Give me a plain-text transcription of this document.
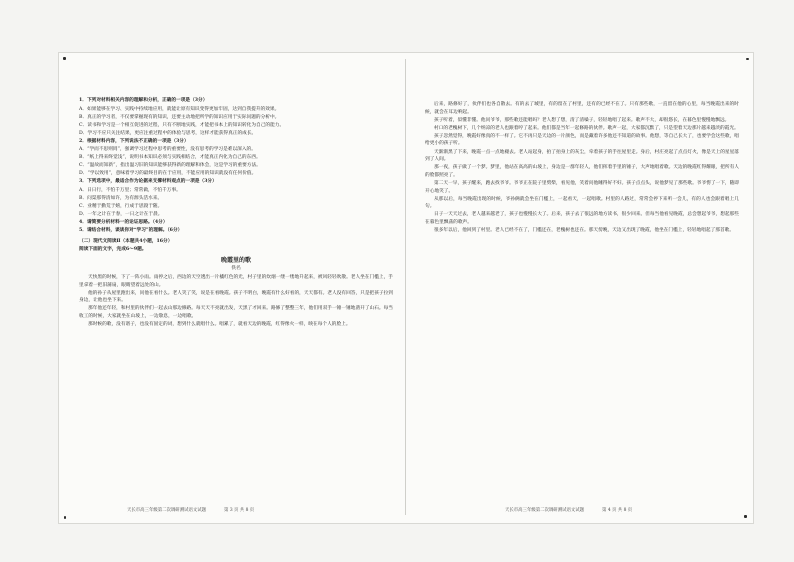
1．下列对材料相关内容的理解和分析，正确的一项是（3分）
A．如果能够在学习、实践中持续地应用，就能让原有知识变得更加牢固，达到自我提升的效果。
B．真正的学习者，不仅要掌握现有的知识，还要主动地把所学的知识应用于实际问题的分析中。
C．读书和学习是一个相互促进的过程，只有不断地实践，才能把书本上的知识转化为自己的能力。
D．学习不应只关注结果，更应注重过程中的体验与思考，这样才能获得真正的成长。
2．根据材料内容，下列说法不正确的一项是（3分）
A．“学而不思则罔”，强调学习过程中思考的重要性，没有思考的学习是难以深入的。
B．“纸上得来终觉浅”，说明书本知识必须与实践相结合，才能真正内化为自己的东西。
C．“温故而知新”，指出温习旧的知识能够获得新的理解和体会，这是学习的重要方法。
D．“学以致用”，意味着学习的最终目的在于应用，不能应用的知识就没有任何价值。
3．下列选项中，最适合作为论据来支撑材料观点的一项是（3分）
A．日日行，不怕千万里；常常做，不怕千万事。
B．问渠那得清如许，为有源头活水来。
C．业精于勤荒于嬉，行成于思毁于随。
D．一年之计在于春，一日之计在于晨。
4．请简要分析材料一的论证思路。（4分）
5．请结合材料，谈谈你对“学习”的理解。（6分）
（二）现代文阅读Ⅱ（本题共4小题，16分）
阅读下面的文字，完成6～9题。
晚霞里的歌
佚名
天快黑的时候，下了一阵小雨。雨停之后，西边的天空透出一片橘红色的光，村子里的炊烟一缕一缕地升起来，被风轻轻吹散。老人坐在门槛上，手里拿着一把旧蒲扇，眼睛望着远处的山。
他的孙子从屋里跑出来，问他在看什么。老人笑了笑，说是在看晚霞。孩子不明白，晚霞有什么好看的，天天都有。老人没有回答，只是把孩子拉到身边，让他也坐下来。
那年他还年轻，和村里的伙伴们一起去山那边修路。每天天不亮就出发，天黑了才回来。路修了整整三年，他们用双手一锤一锤地凿开了山石。每当收工的时候，大家就坐在山坡上，一边歇息，一边唱歌。
那时候的歌，没有谱子，也没有固定的词，想到什么就唱什么。唱累了，就看天边的晚霞，红得像火一样，映在每个人的脸上。
天长市高三年级第二次调研测试语文试题	第 3 页 共 8 页
后来，路修好了，伙伴们也各自散去。有的去了城里，有的留在了村里，还有的已经不在了。只有那些歌，一直留在他的心里，每当晚霞出来的时候，就会在耳边响起。
孩子听着，似懂非懂。他问爷爷，那些歌还能唱吗？老人想了想，清了清嗓子，轻轻地唱了起来。歌声不大，却很悠长，在暮色里慢慢地飘远。
村口的老槐树下，几个纳凉的老人也跟着哼了起来。他们都是当年一起修路的伙伴。歌声一起，大家都沉默了，只是望着天边那片越来越淡的霞光。
孩子忽然觉得，晚霞好像真的不一样了。它不再只是天边的一片颜色，而是藏着许多他还不知道的故事。他想，等自己长大了，也要学会这些歌，唱给更小的孩子听。
天渐渐黑了下来，晚霞一点一点地褪去。老人站起身，拍了拍身上的灰尘，牵着孩子的手往屋里走。身后，村庄亮起了点点灯火，像是天上的星星落到了人间。
那一夜，孩子做了一个梦。梦里，他站在高高的山坡上，身边是一群年轻人，他们挥着手里的锤子，大声地唱着歌。天边的晚霞红得耀眼，把所有人的脸都照亮了。
第二天一早，孩子醒来，跑去找爷爷。爷爷正在院子里劈柴，看见他，笑着问他睡得好不好。孩子点点头，说他梦见了那些歌。爷爷愣了一下，随即开心地笑了。
从那以后，每当晚霞出现的时候，爷孙俩就会坐在门槛上，一起看天，一起唱歌。村里的人路过，常常会停下来听一会儿，有的人也会跟着唱上几句。
日子一天天过去，老人越来越老了，孩子也慢慢长大了。后来，孩子去了很远的地方读书，很少回来。但每当他看见晚霞，总会想起爷爷，想起那些在暮色里飘荡的歌声。
很多年以后，他回到了村里。老人已经不在了，门槛还在，老槐树也还在。那天傍晚，天边又出现了晚霞，他坐在门槛上，轻轻地唱起了那首歌。
天长市高三年级第二次调研测试语文试题	第 4 页 共 8 页
